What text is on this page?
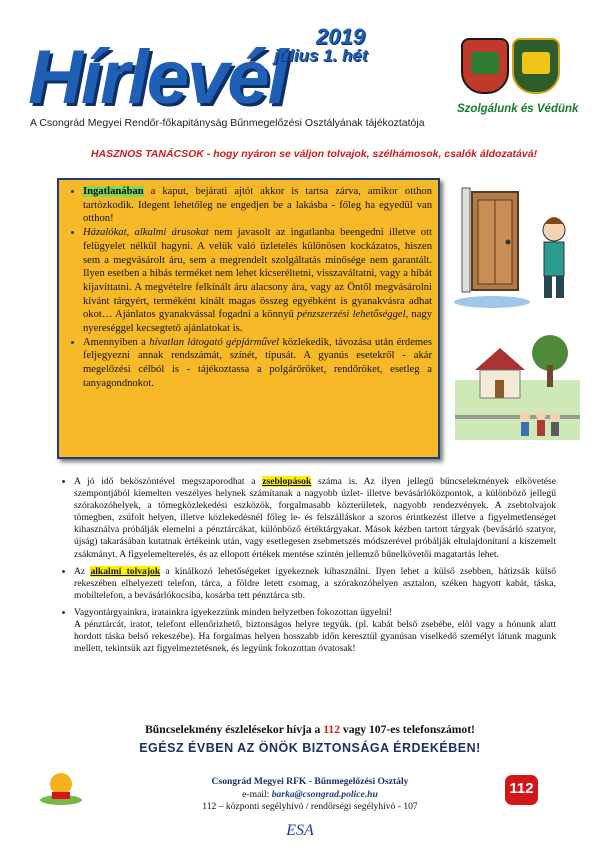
Hírlevél 2019
július 1. hét
A Csongrád Megyei Rendőr-főkapitányság Bűnmegelőzési Osztályának tájékoztatója
Szolgálunk és Védünk
HASZNOS TANÁCSOK - hogy nyáron se váljon tolvajok, szélhámosok, csalók áldozatává!
• Ingatlanában a kaput, bejárati ajtót akkor is tartsa zárva, amikor otthon tartózkodik. Idegent lehetőleg ne engedjen be a lakásba - főleg ha egyedül van otthon!
• Házalókat, alkalmi árusokat nem javasolt az ingatlanba beengedni illetve ott felügyelet nélkül hagyni. A velük való üzletelés különösen kockázatos, hiszen sem a megvásárolt áru, sem a megrendelt szolgáltatás minősége nem garantált. Ilyen esetben a hibás terméket nem lehet kicseréltetni, visszaváltatni, vagy a hibát kijavíttatni. A megvételre felkínált áru alacsony ára, vagy az Öntől megvásárolni kívánt tárgyért, terméként kínált magas összeg egyébként is gyanakvásra adhat okot… Ajánlatos gyanakvással fogadni a könnyű pénzszerzési lehetőséggel, nagy nyereséggel kecsegtető ajánlatokat is.
• Amennyiben a hívatlan látogató gépjárművel közlekedik, távozása után érdemes feljegyezni annak rendszámát, színét, típusát. A gyanús esetekről - akár megelőzési célból is - tájékoztassa a polgárőröket, rendőröket, esetleg a tanyagondnokot.
• A jó idő beköszöntével megszaporodhat a zseblopások száma is. Az ilyen jellegű bűncselekmények elkövetése szempontjából kiemelten veszélyes helynek számítanak a nagyobb üzlet- illetve bevásárlóközpontok, a különböző jellegű szórakozóhelyek, a tömegközlekedési eszközök, forgalmasabb közterületek, nagyobb rendezvények. A zsebtolvajok tömegben, zsúfolt helyen, illetve közlekedésnél főleg le- és felszálláskor a szoros érintkezést illetve a figyelmetlenséget kihasználva próbálják elemelni a pénztárcákat, különböző értéktárgyakat. Mások kézben tartott tárgyak (bevásárló szatyor, újság) takarásában kutatnak értékeink után, vagy esetlegesen zsebmetszés módszerével próbálják eltulajdonítani a kiszemelt zsákmányt. A figyelemelterelés, és az ellopott értékek mentése szintén jellemző bűnelkövetői magatartás lehet.
• Az alkalmi tolvajok a kínálkozó lehetőségeket igyekeznek kihasználni. Ilyen lehet a külső zsebben, hátizsák külső rekeszében elhelyezett telefon, tárca, a földre letett csomag, a szórakozóhelyen asztalon, széken hagyott kabát, táska, mobiltelefon, a bevásárlókocsiba, kosárba tett pénztárca stb.
• Vagyontárgyainkra, iratainkra igyekezzünk minden helyzetben fokozottan ügyelni!
A pénztárcát, iratot, telefont ellenőrizhető, biztonságos helyre tegyük. (pl. kabát belső zsebébe, elöl vagy a hónunk alatt hordott táska belső rekeszébe). Ha forgalmas helyen hosszabb időn keresztül gyanúsan viselkedő személyt látunk magunk mellett, tekintsük azt figyelmeztetésnek, és legyünk fokozottan óvatosak!
Bűncselekmény észlelésekor hívja a 112 vagy 107-es telefonszámot!
EGÉSZ ÉVBEN AZ ÖNÖK BIZTONSÁGA ÉRDEKÉBEN!
Csongrád Megyei RFK - Bűnmegelőzési Osztály
e-mail: barka@csongrad.police.hu
112 – központi segélyhívó / rendőrségi segélyhívó - 107
112
ESA
